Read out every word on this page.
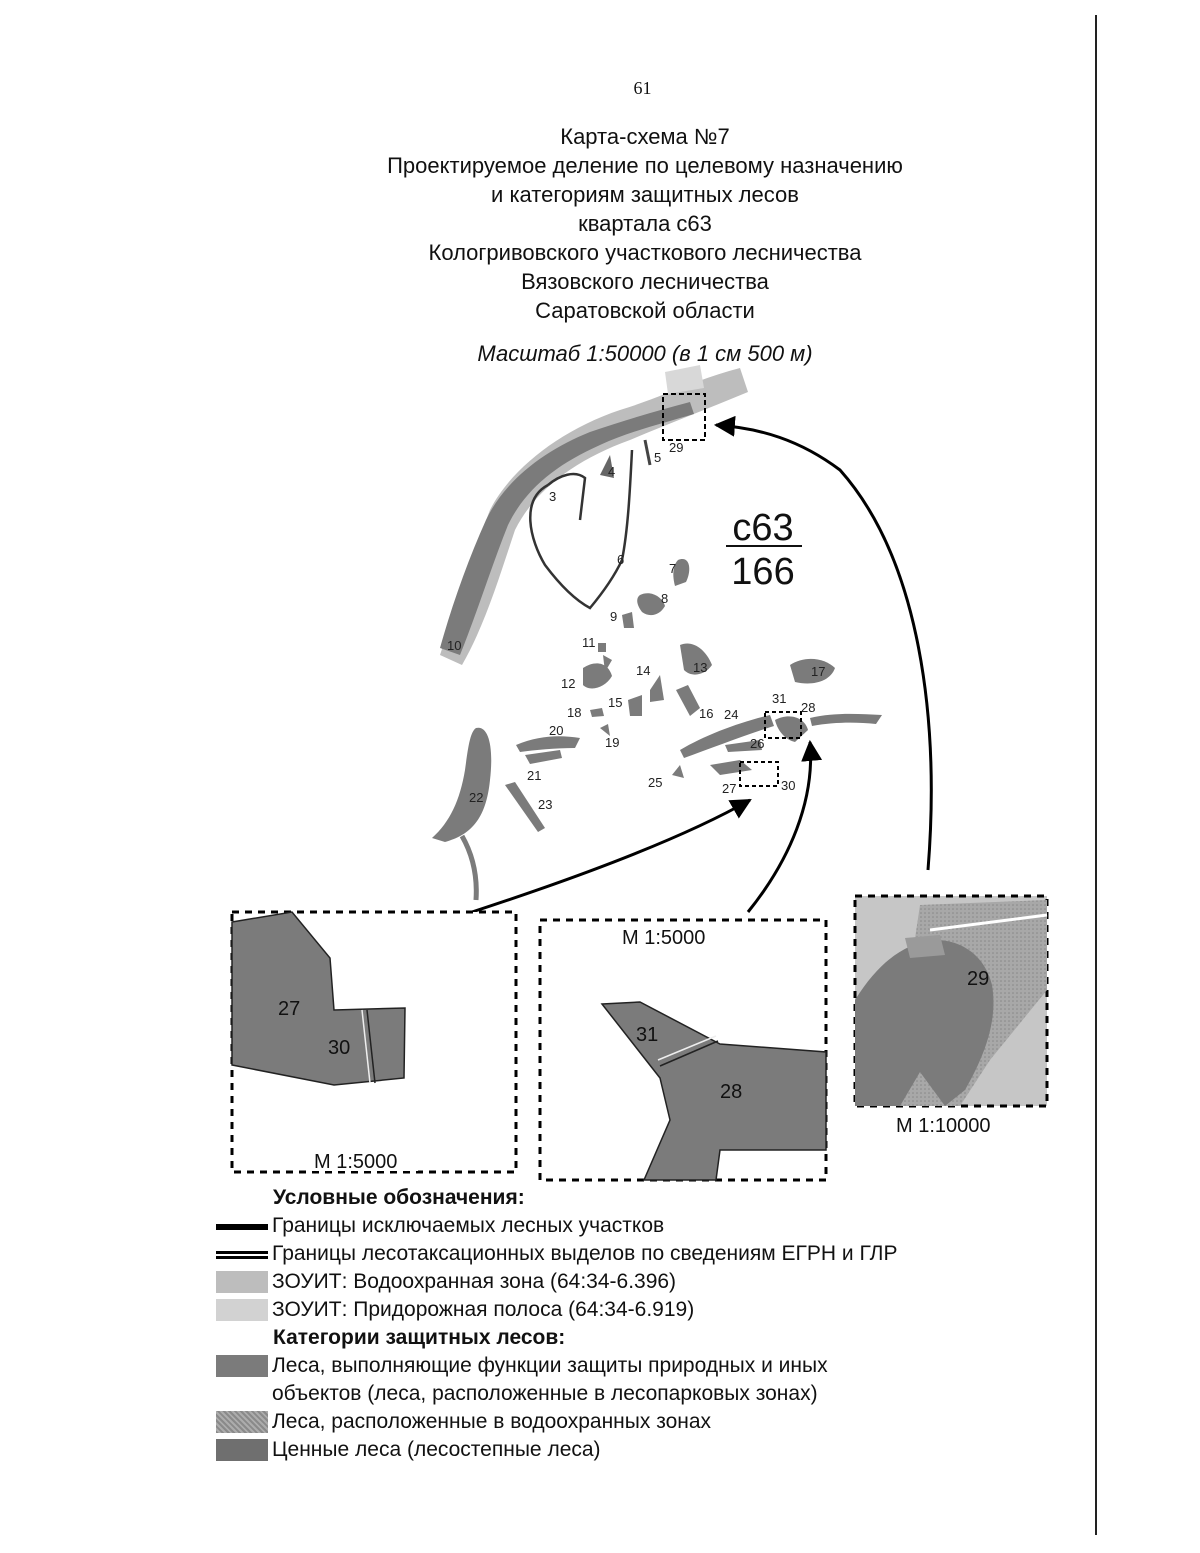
61
Карта-схема №7
Проектируемое деление по целевому назначению
и категориям защитных лесов
квартала с63
Кологривовского участкового лесничества
Вязовского лесничества
Саратовской области
Масштаб 1:50000 (в 1 см 500 м)
3
4
5
6
7
8
9
10	11
12
13
14
15
16
17
18
19
20
21
22	23
24
25
26
27
28
29
30
31
с63
166
27
30
М 1:5000
31
28
М 1:5000
29
М 1:10000
Условные обозначения:
Границы исключаемых лесных участков
Границы лесотаксационных выделов по сведениям ЕГРН и ГЛР
ЗОУИТ: Водоохранная зона (64:34-6.396)
ЗОУИТ: Придорожная полоса (64:34-6.919)
Категории защитных лесов:
Леса, выполняющие функции защиты природных и иных
объектов (леса, расположенные в лесопарковых зонах)
Леса, расположенные в водоохранных зонах
Ценные леса (лесостепные леса)
